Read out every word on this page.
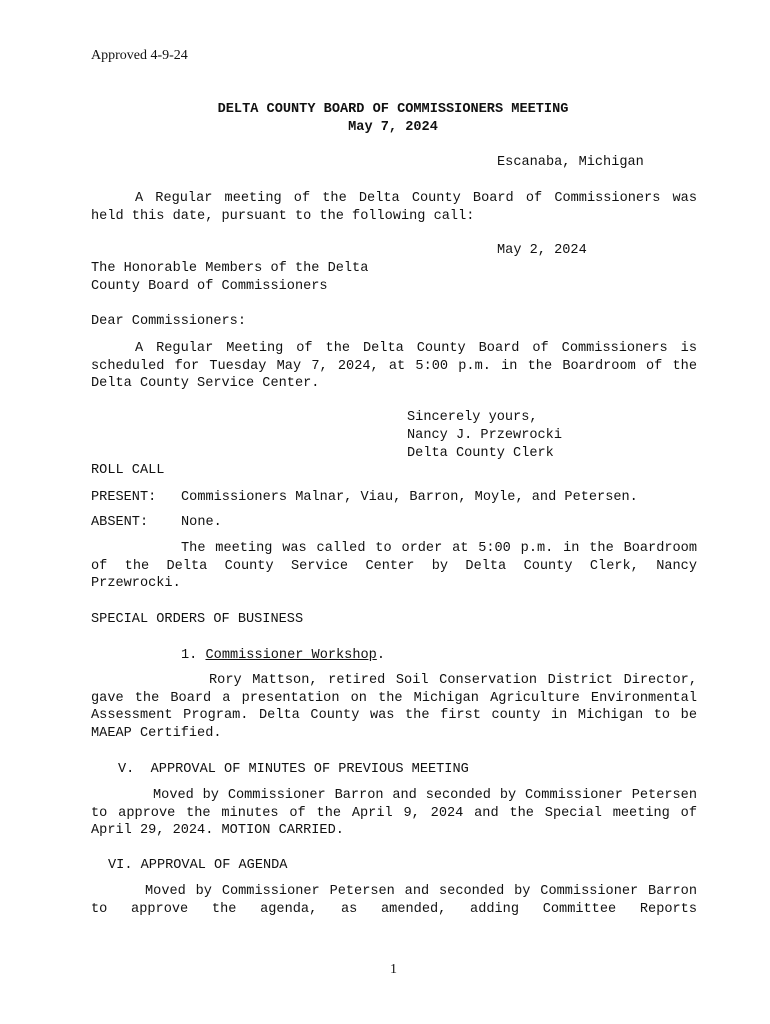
Approved 4-9-24
DELTA COUNTY BOARD OF COMMISSIONERS MEETING
May 7, 2024
Escanaba, Michigan
A Regular meeting of the Delta County Board of Commissioners was held this date, pursuant to the following call:
May 2, 2024
The Honorable Members of the Delta
County Board of Commissioners
Dear Commissioners:
A Regular Meeting of the Delta County Board of Commissioners is scheduled for Tuesday May 7, 2024, at 5:00 p.m. in the Boardroom of the Delta County Service Center.
Sincerely yours,
Nancy J. Przewrocki
Delta County Clerk
ROLL CALL
PRESENT: Commissioners Malnar, Viau, Barron, Moyle, and Petersen.
ABSENT: None.
The meeting was called to order at 5:00 p.m. in the Boardroom of the Delta County Service Center by Delta County Clerk, Nancy Przewrocki.
SPECIAL ORDERS OF BUSINESS
1. Commissioner Workshop.
Rory Mattson, retired Soil Conservation District Director, gave the Board a presentation on the Michigan Agriculture Environmental Assessment Program. Delta County was the first county in Michigan to be MAEAP Certified.
V.  APPROVAL OF MINUTES OF PREVIOUS MEETING
Moved by Commissioner Barron and seconded by Commissioner Petersen to approve the minutes of the April 9, 2024 and the Special meeting of April 29, 2024. MOTION CARRIED.
VI. APPROVAL OF AGENDA
Moved by Commissioner Petersen and seconded by Commissioner Barron to approve the agenda, as amended, adding Committee Reports
1
